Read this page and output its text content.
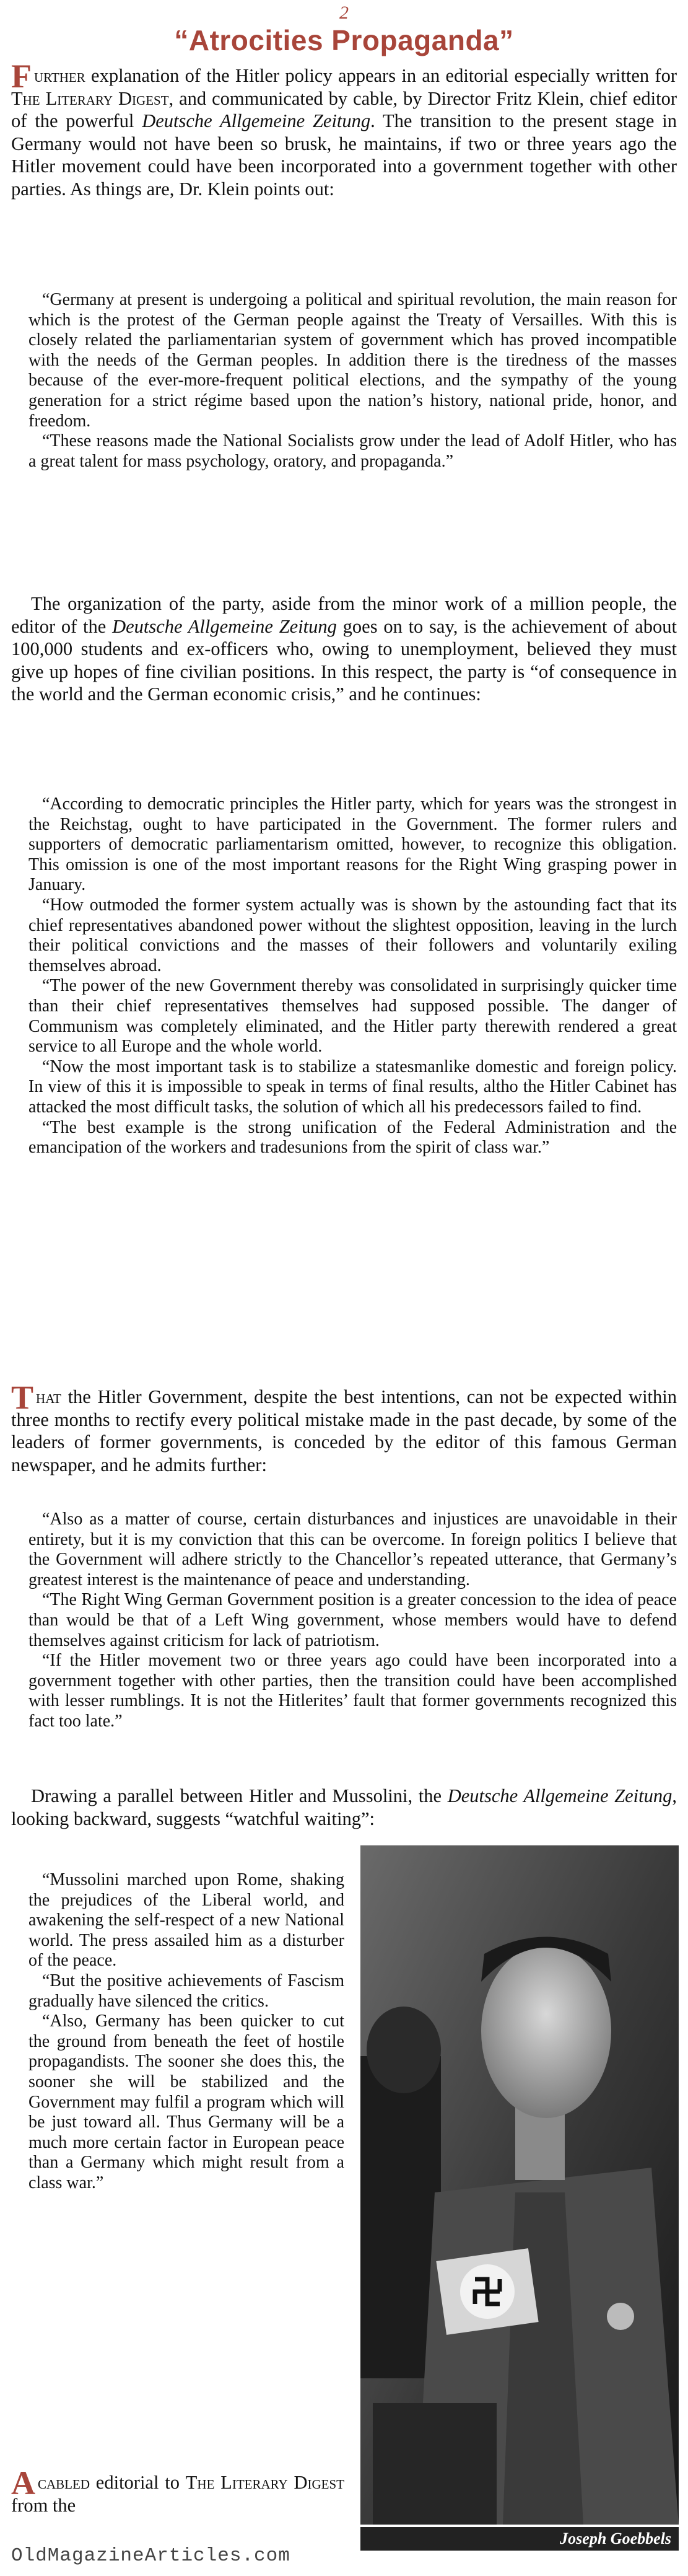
2
“Atrocities Propaganda”

Further explanation of the Hitler policy appears in an editorial especially written for The Literary Digest, and communicated by cable, by Director Fritz Klein, chief editor of the powerful Deutsche Allgemeine Zeitung. The transition to the present stage in Germany would not have been so brusk, he maintains, if two or three years ago the Hitler movement could have been incorporated into a government together with other parties. As things are, Dr. Klein points out:

“Germany at present is undergoing a political and spiritual revolution, the main reason for which is the protest of the German people against the Treaty of Versailles. With this is closely related the parliamentarian system of government which has proved incompatible with the needs of the German peoples. In addition there is the tiredness of the masses because of the ever-more-frequent political elections, and the sympathy of the young generation for a strict régime based upon the nation’s history, national pride, honor, and freedom.

“These reasons made the National Socialists grow under the lead of Adolf Hitler, who has a great talent for mass psychology, oratory, and propaganda.”

The organization of the party, aside from the minor work of a million people, the editor of the Deutsche Allgemeine Zeitung goes on to say, is the achievement of about 100,000 students and ex-officers who, owing to unemployment, believed they must give up hopes of fine civilian positions. In this respect, the party is “of consequence in the world and the German economic crisis,” and he continues:

“According to democratic principles the Hitler party, which for years was the strongest in the Reichstag, ought to have participated in the Government. The former rulers and supporters of democratic parliamentarism omitted, however, to recognize this obligation. This omission is one of the most important reasons for the Right Wing grasping power in January.

“How outmoded the former system actually was is shown by the astounding fact that its chief representatives abandoned power without the slightest opposition, leaving in the lurch their political convictions and the masses of their followers and voluntarily exiling themselves abroad.

“The power of the new Government thereby was consolidated in surprisingly quicker time than their chief representatives themselves had supposed possible. The danger of Communism was completely eliminated, and the Hitler party therewith rendered a great service to all Europe and the whole world.

“Now the most important task is to stabilize a statesmanlike domestic and foreign policy. In view of this it is impossible to speak in terms of final results, altho the Hitler Cabinet has attacked the most difficult tasks, the solution of which all his predecessors failed to find.

“The best example is the strong unification of the Federal Administration and the emancipation of the workers and tradesunions from the spirit of class war.”

That the Hitler Government, despite the best intentions, can not be expected within three months to rectify every political mistake made in the past decade, by some of the leaders of former governments, is conceded by the editor of this famous German newspaper, and he admits further:

“Also as a matter of course, certain disturbances and injustices are unavoidable in their entirety, but it is my conviction that this can be overcome. In foreign politics I believe that the Government will adhere strictly to the Chancellor’s repeated utterance, that Germany’s greatest interest is the maintenance of peace and understanding.

“The Right Wing German Government position is a greater concession to the idea of peace than would be that of a Left Wing government, whose members would have to defend themselves against criticism for lack of patriotism.

“If the Hitler movement two or three years ago could have been incorporated into a government together with other parties, then the transition could have been accomplished with lesser rumblings. It is not the Hitlerites’ fault that former governments recognized this fact too late.”

Drawing a parallel between Hitler and Mussolini, the Deutsche Allgemeine Zeitung, looking backward, suggests “watchful waiting”:

“Mussolini marched upon Rome, shaking the prejudices of the Liberal world, and awakening the self-respect of a new National world. The press assailed him as a disturber of the peace.

“But the positive achievements of Fascism gradually have silenced the critics.

“Also, Germany has been quicker to cut the ground from beneath the feet of hostile propagandists. The sooner she does this, the sooner she will be stabilized and the Government may fulfil a program which will be just toward all. Thus Germany will be a much more certain factor in European peace than a Germany which might result from a class war.”

Acabled editorial to The Literary Digest from the

Joseph Goebbels
OldMagazineArticles.com
